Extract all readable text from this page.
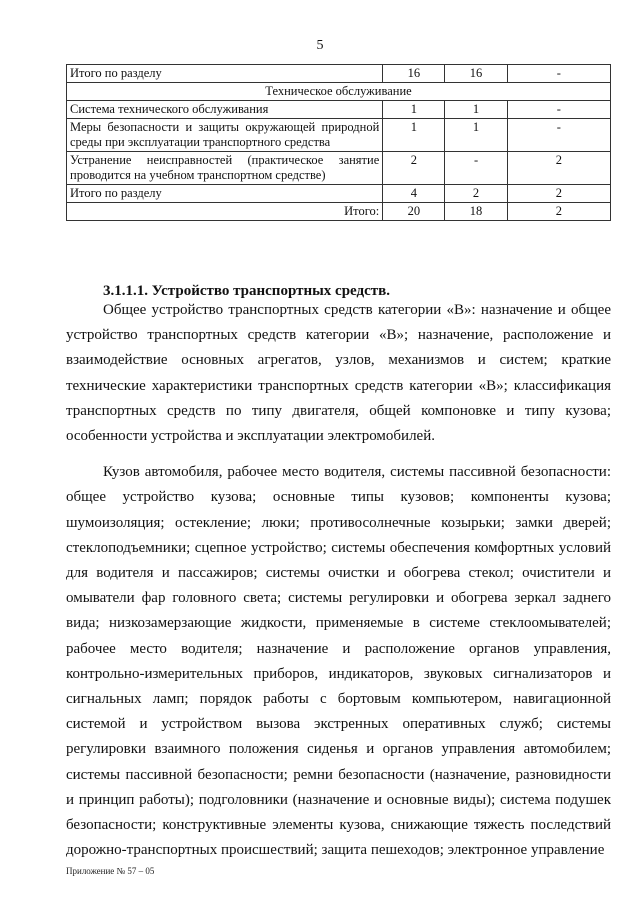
5
Итого по разделу	16	16	-
Техническое обслуживание			
Система технического обслуживания	1	1	-
Меры безопасности и защиты окружающей природной среды при эксплуатации транспортного средства	1	1	-
Устранение неисправностей (практическое занятие проводится на учебном транспортном средстве)	2	-	2
Итого по разделу	4	2	2
Итого:	20	18	2
3.1.1.1. Устройство транспортных средств.

Общее устройство транспортных средств категории «В»: назначение и общее устройство транспортных средств категории «В»; назначение, расположение и взаимодействие основных агрегатов, узлов, механизмов и систем; краткие технические характеристики транспортных средств категории «В»; классификация транспортных средств по типу двигателя, общей компоновке и типу кузова; особенности устройства и эксплуатации электромобилей.

Кузов автомобиля, рабочее место водителя, системы пассивной безопасности: общее устройство кузова; основные типы кузовов; компоненты кузова; шумоизоляция; остекление; люки; противосолнечные козырьки; замки дверей; стеклоподъемники; сцепное устройство; системы обеспечения комфортных условий для водителя и пассажиров; системы очистки и обогрева стекол; очистители и омыватели фар головного света; системы регулировки и обогрева зеркал заднего вида; низкозамерзающие жидкости, применяемые в системе стеклоомывателей; рабочее место водителя; назначение и расположение органов управления, контрольно-измерительных приборов, индикаторов, звуковых сигнализаторов и сигнальных ламп; порядок работы с бортовым компьютером, навигационной системой и устройством вызова экстренных оперативных служб; системы регулировки взаимного положения сиденья и органов управления автомобилем; системы пассивной безопасности; ремни безопасности (назначение, разновидности и принцип работы); подголовники (назначение и основные виды); система подушек безопасности; конструктивные элементы кузова, снижающие тяжесть последствий дорожно-транспортных происшествий; защита пешеходов; электронное управление

Приложение № 57 – 05
